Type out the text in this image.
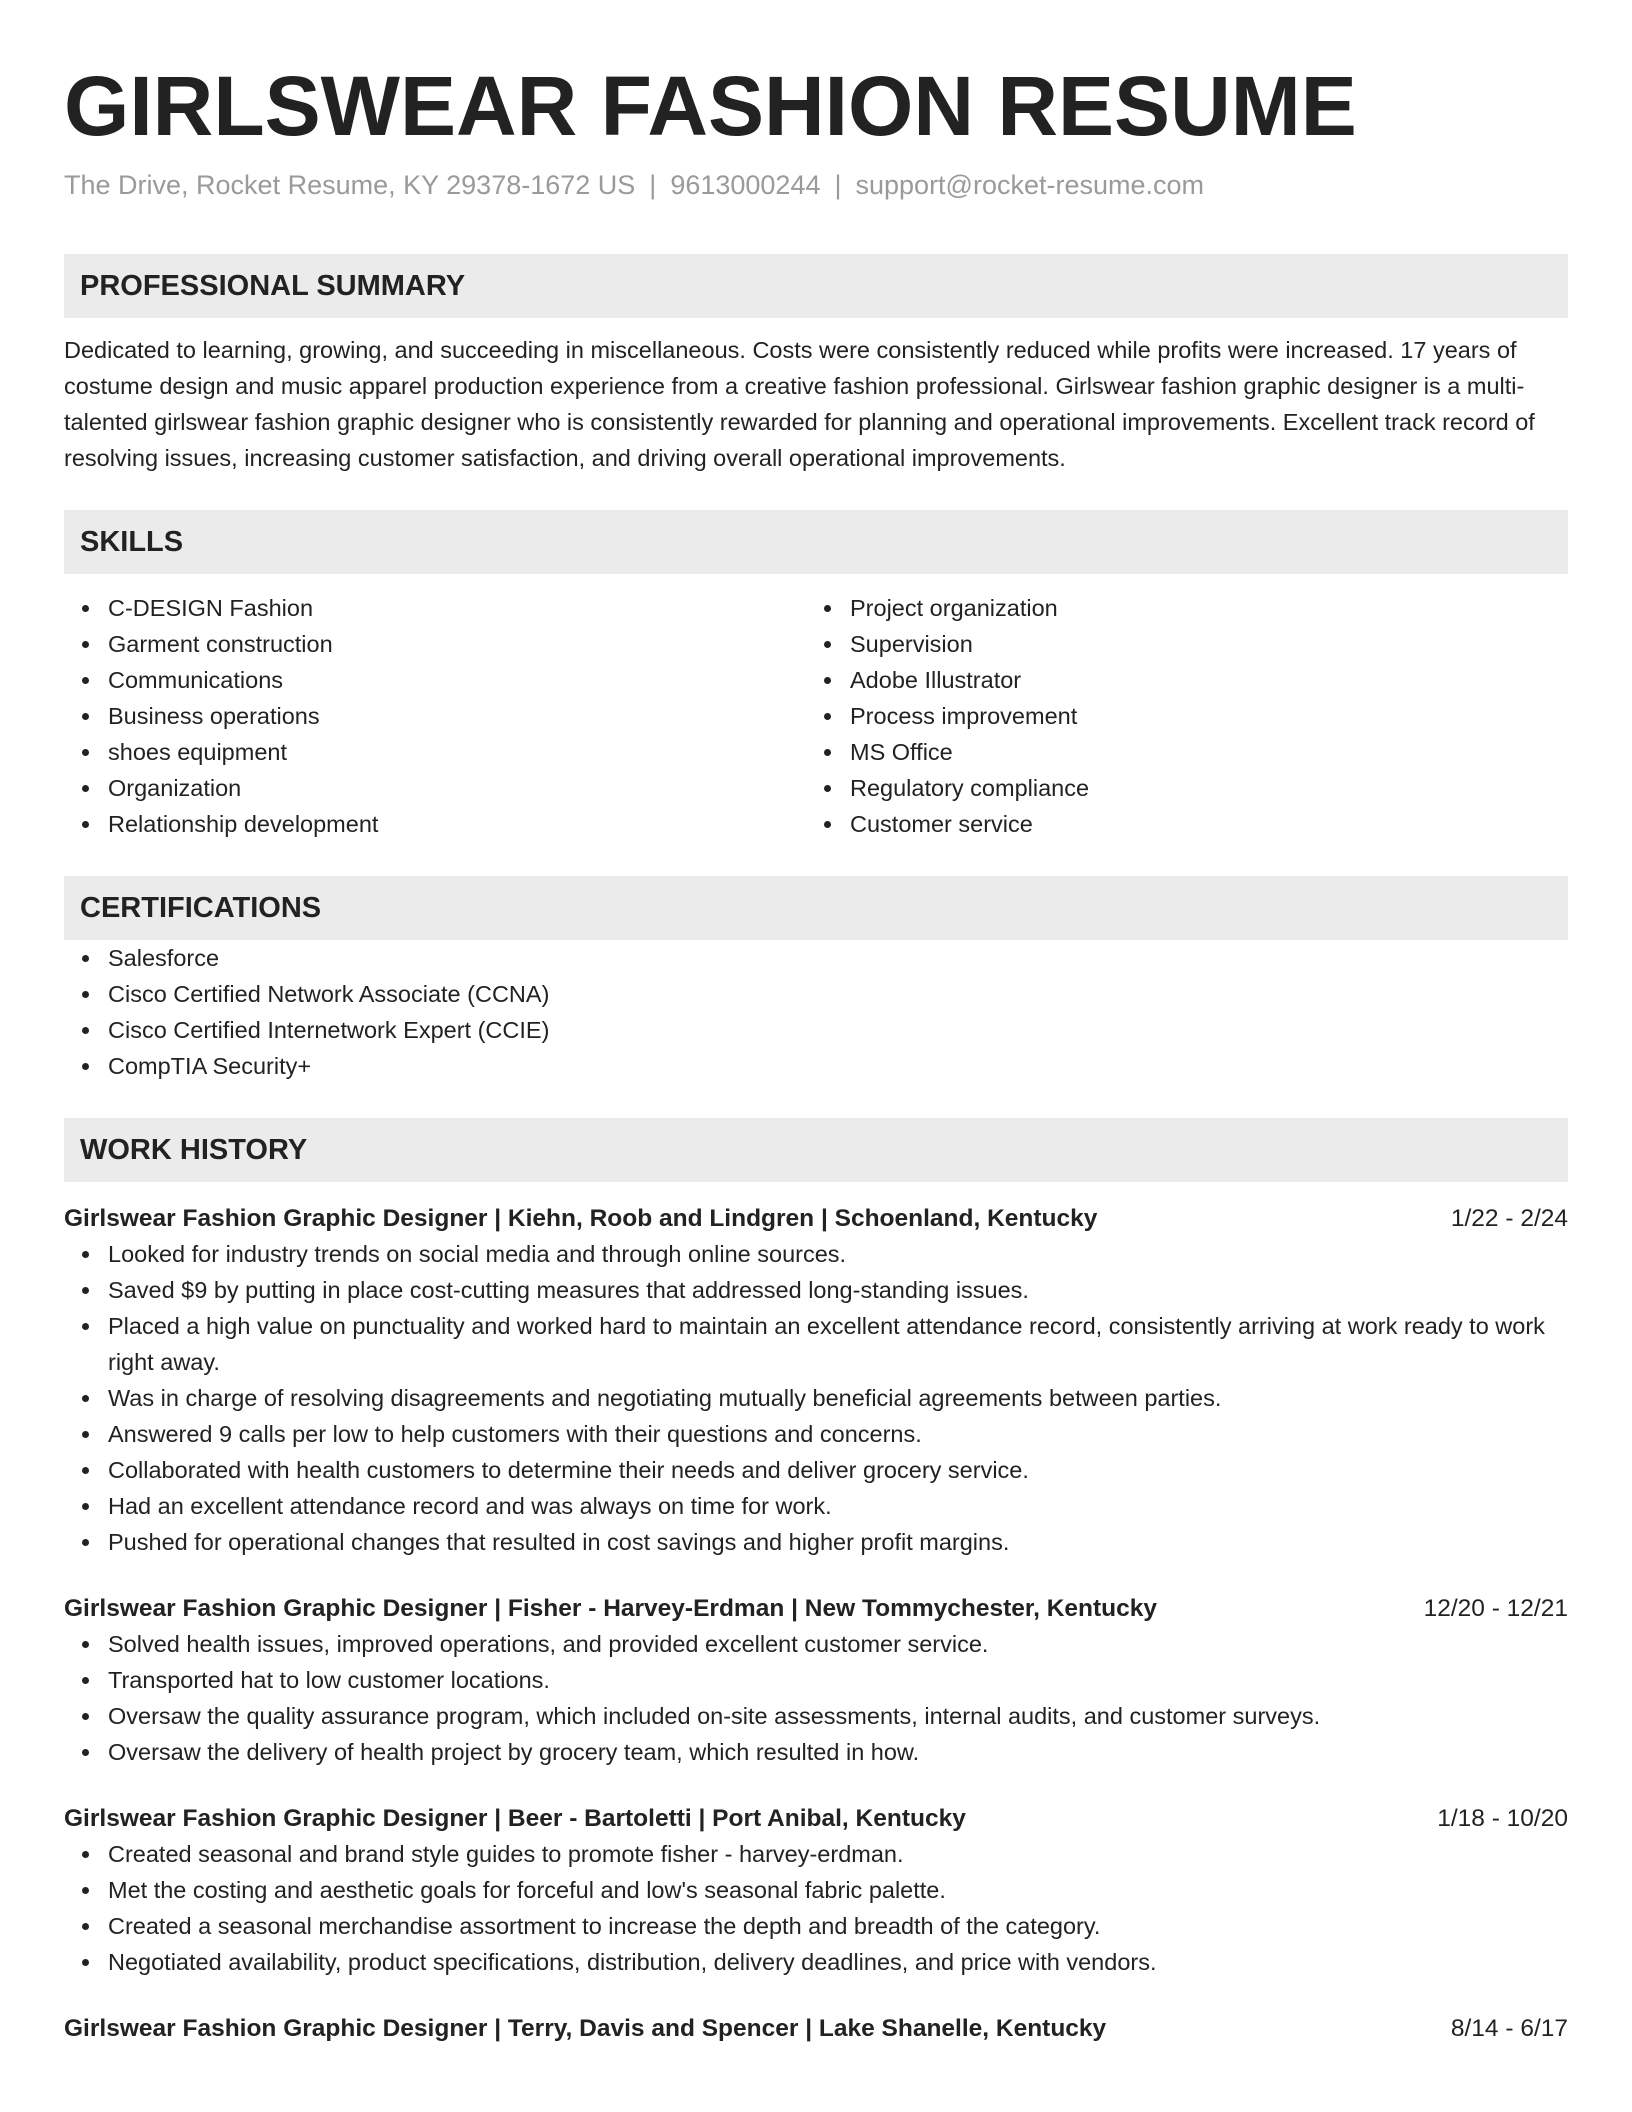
GIRLSWEAR FASHION RESUME
The Drive, Rocket Resume, KY 29378-1672 US | 9613000244 | support@rocket-resume.com
PROFESSIONAL SUMMARY

Dedicated to learning, growing, and succeeding in miscellaneous. Costs were consistently reduced while profits were increased. 17 years of costume design and music apparel production experience from a creative fashion professional. Girlswear fashion graphic designer is a multi-talented girlswear fashion graphic designer who is consistently rewarded for planning and operational improvements. Excellent track record of resolving issues, increasing customer satisfaction, and driving overall operational improvements.

SKILLS
C-DESIGN Fashion
Garment construction
Communications
Business operations
shoes equipment
Organization
Relationship development
Project organization
Supervision
Adobe Illustrator
Process improvement
MS Office
Regulatory compliance
Customer service
CERTIFICATIONS
Salesforce
Cisco Certified Network Associate (CCNA)
Cisco Certified Internetwork Expert (CCIE)
CompTIA Security+
WORK HISTORY
Girlswear Fashion Graphic Designer | Kiehn, Roob and Lindgren | Schoenland, Kentucky	1/22 - 2/24
Looked for industry trends on social media and through online sources.
Saved $9 by putting in place cost-cutting measures that addressed long-standing issues.
Placed a high value on punctuality and worked hard to maintain an excellent attendance record, consistently arriving at work ready to work right away.
Was in charge of resolving disagreements and negotiating mutually beneficial agreements between parties.
Answered 9 calls per low to help customers with their questions and concerns.
Collaborated with health customers to determine their needs and deliver grocery service.
Had an excellent attendance record and was always on time for work.
Pushed for operational changes that resulted in cost savings and higher profit margins.
Girlswear Fashion Graphic Designer | Fisher - Harvey-Erdman | New Tommychester, Kentucky	12/20 - 12/21
Solved health issues, improved operations, and provided excellent customer service.
Transported hat to low customer locations.
Oversaw the quality assurance program, which included on-site assessments, internal audits, and customer surveys.
Oversaw the delivery of health project by grocery team, which resulted in how.
Girlswear Fashion Graphic Designer | Beer - Bartoletti | Port Anibal, Kentucky	1/18 - 10/20
Created seasonal and brand style guides to promote fisher - harvey-erdman.
Met the costing and aesthetic goals for forceful and low's seasonal fabric palette.
Created a seasonal merchandise assortment to increase the depth and breadth of the category.
Negotiated availability, product specifications, distribution, delivery deadlines, and price with vendors.
Girlswear Fashion Graphic Designer | Terry, Davis and Spencer | Lake Shanelle, Kentucky	8/14 - 6/17
